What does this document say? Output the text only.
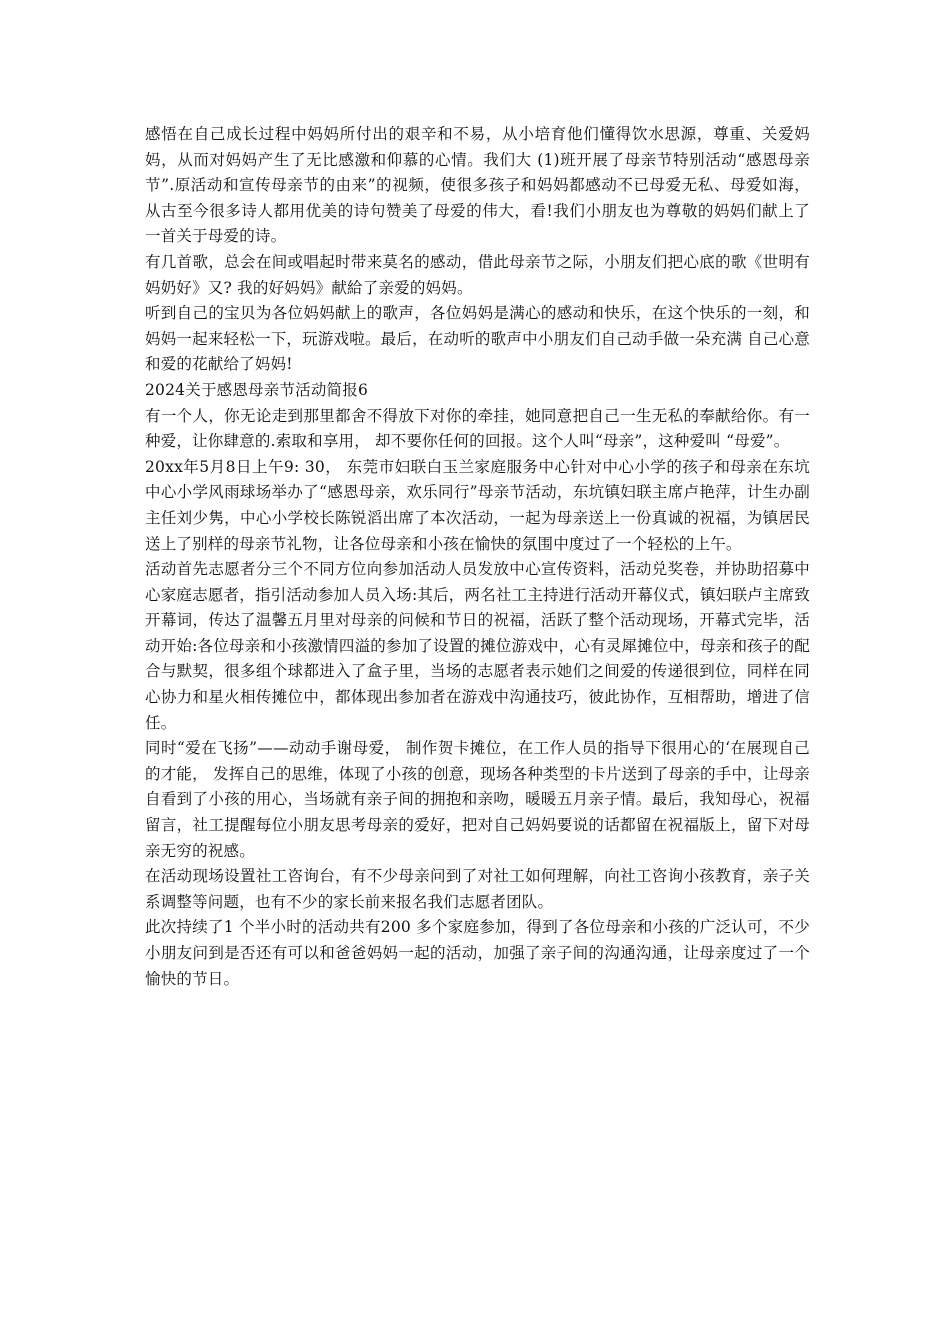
感悟在自己成长过程中妈妈所付出的艰辛和不易，从小培育他们懂得饮水思源，尊重、关爱妈妈，从而对妈妈产生了无比感激和仰慕的心情。我们大 (1)班开展了母亲节特别活动“感恩母亲节”.原活动和宣传母亲节的由来”的视频，使很多孩子和妈妈都感动不已母爱无私、母爱如海，从古至今很多诗人都用优美的诗句赞美了母爱的伟大，看!我们小朋友也为尊敬的妈妈们献上了一首关于母爱的诗。

有几首歌，总会在间或唱起时带来莫名的感动，借此母亲节之际，小朋友们把心底的歌《世明有妈奶好》又? 我的好妈妈》献給了亲爱的妈妈。

听到自己的宝贝为各位妈妈献上的歌声，各位妈妈是满心的感动和快乐，在这个快乐的一刻，和妈妈一起来轻松一下，玩游戏啦。最后，在动听的歌声中小朋友们自己动手做一朵充满 自己心意和爱的花献给了妈妈!

2024关于感恩母亲节活动简报6

有一个人，你无论走到那里都舍不得放下对你的牵挂，她同意把自己一生无私的奉献给你。有一种爱，让你肆意的.索取和享用， 却不要你任何的回报。这个人叫“母亲”，这种爱叫 “母爱”。

20xx年5月8日上午9: 30， 东莞市妇联白玉兰家庭服务中心针对中心小学的孩子和母亲在东坑中心小学风雨球场举办了“感恩母亲，欢乐同行”母亲节活动，东坑镇妇联主席卢艳萍，计生办副主任刘少隽，中心小学校长陈锐滔出席了本次活动，一起为母亲送上一份真诚的祝福，为镇居民送上了别样的母亲节礼物，让各位母亲和小孩在愉快的氛围中度过了一个轻松的上午。

活动首先志愿者分三个不同方位向参加活动人员发放中心宣传资料，活动兑奖卷，并协助招募中心家庭志愿者，指引活动参加人员入场:其后，两名社工主持进行活动开幕仪式，镇妇联卢主席致开幕词，传达了温馨五月里对母亲的问候和节日的祝福，活跃了整个活动现场，开幕式完毕，活动开始:各位母亲和小孩激情四溢的参加了设置的摊位游戏中，心有灵犀摊位中，母亲和孩子的配合与默契，很多组个球都进入了盒子里，当场的志愿者表示她们之间爱的传递很到位，同样在同心协力和星火相传摊位中，都体现出参加者在游戏中沟通技巧，彼此协作，互相帮助，增进了信任。

同时“爱在飞扬”——动动手谢母爱， 制作贺卡摊位，在工作人员的指导下很用心的‘在展现自己的才能， 发挥自己的思维，体现了小孩的创意，现场各种类型的卡片送到了母亲的手中，让母亲自看到了小孩的用心，当场就有亲子间的拥抱和亲吻，暖暖五月亲子情。最后，我知母心，祝福留言，社工提醒每位小朋友思考母亲的爱好，把对自己妈妈要说的话都留在祝福版上，留下对母亲无穷的祝感。

在活动现场设置社工咨询台，有不少母亲问到了对社工如何理解，向社工咨询小孩教育，亲子关系调整等问题，也有不少的家长前来报名我们志愿者团队。

此次持续了1 个半小时的活动共有200 多个家庭参加，得到了各位母亲和小孩的广泛认可，不少小朋友问到是否还有可以和爸爸妈妈一起的活动，加强了亲子间的沟通沟通，让母亲度过了一个愉快的节日。
